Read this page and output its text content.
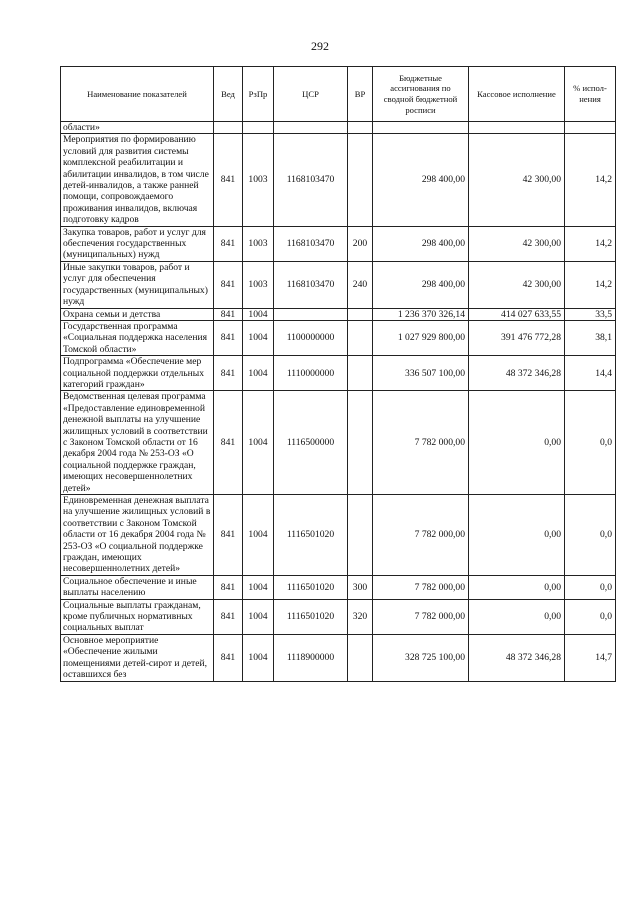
292
Наименование показателей	Вед	РзПр	ЦСР	ВР	Бюджетные ассигнования по сводной бюджетной росписи	Кассовое исполнение	% испол-нения
области»							
Мероприятия по формированию условий для развития системы комплексной реабилитации и абилитации инвалидов, в том числе детей-инвалидов, а также ранней помощи, сопровождаемого проживания инвалидов, включая подготовку кадров	841	1003	1168103470		298 400,00	42 300,00	14,2
Закупка товаров, работ и услуг для обеспечения государственных (муниципальных) нужд	841	1003	1168103470	200	298 400,00	42 300,00	14,2
Иные закупки товаров, работ и услуг для обеспечения государственных (муниципальных) нужд	841	1003	1168103470	240	298 400,00	42 300,00	14,2
Охрана семьи и детства	841	1004			1 236 370 326,14	414 027 633,55	33,5
Государственная программа «Социальная поддержка населения Томской области»	841	1004	1100000000		1 027 929 800,00	391 476 772,28	38,1
Подпрограмма «Обеспечение мер социальной поддержки отдельных категорий граждан»	841	1004	1110000000		336 507 100,00	48 372 346,28	14,4
Ведомственная целевая программа «Предоставление единовременной денежной выплаты на улучшение жилищных условий в соответствии с Законом Томской области от 16 декабря 2004 года № 253-ОЗ «О социальной поддержке граждан, имеющих несовершеннолетних детей»	841	1004	1116500000		7 782 000,00	0,00	0,0
Единовременная денежная выплата на улучшение жилищных условий в соответствии с Законом Томской области от 16 декабря 2004 года № 253-ОЗ «О социальной поддержке граждан, имеющих несовершеннолетних детей»	841	1004	1116501020		7 782 000,00	0,00	0,0
Социальное обеспечение и иные выплаты населению	841	1004	1116501020	300	7 782 000,00	0,00	0,0
Социальные выплаты гражданам, кроме публичных нормативных социальных выплат	841	1004	1116501020	320	7 782 000,00	0,00	0,0
Основное мероприятие «Обеспечение жилыми помещениями детей-сирот и детей, оставшихся без	841	1004	1118900000		328 725 100,00	48 372 346,28	14,7
